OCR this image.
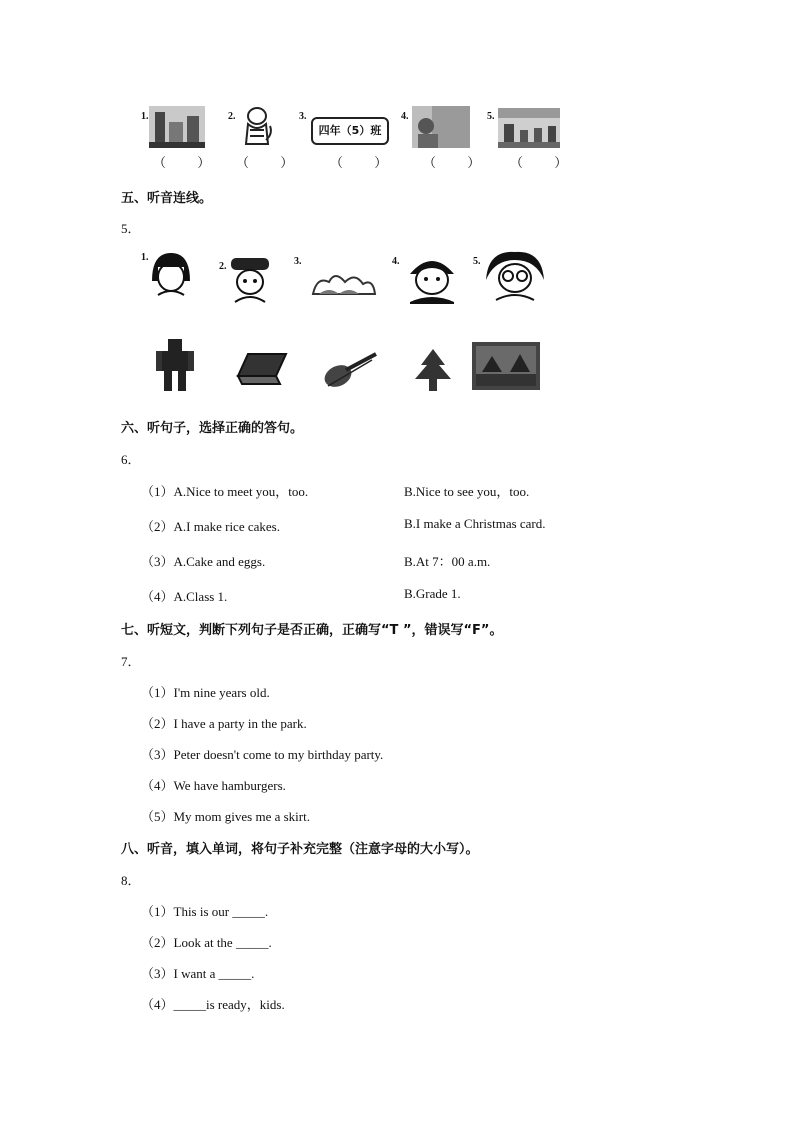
1.	2.	3.
四年（5）班
4.	5.
（ ） （ ） （ ） （ ） （ ）
五、听音连线。
5．
1.
2.	3.	4.	5.
六、听句子，选择正确的答句。
6．
（1）A.Nice to meet you，too.	B.Nice to see you，too.
（2）A.I make rice cakes.	B.I make a Christmas card.
（3）A.Cake and eggs.	B.At 7：00 a.m.
（4）A.Class 1.	B.Grade 1.
七、听短文，判断下列句子是否正确，正确写“T ”，错误写“F”。
7．
（1）I'm nine years old.
（2）I have a party in the park.
（3）Peter doesn't come to my birthday party.
（4）We have hamburgers.
（5）My mom gives me a skirt.
八、听音，填入单词，将句子补充完整（注意字母的大小写）。
8．
（1）This is our _____.
（2）Look at the _____.
（3）I want a _____.
（4）_____is ready，kids.
